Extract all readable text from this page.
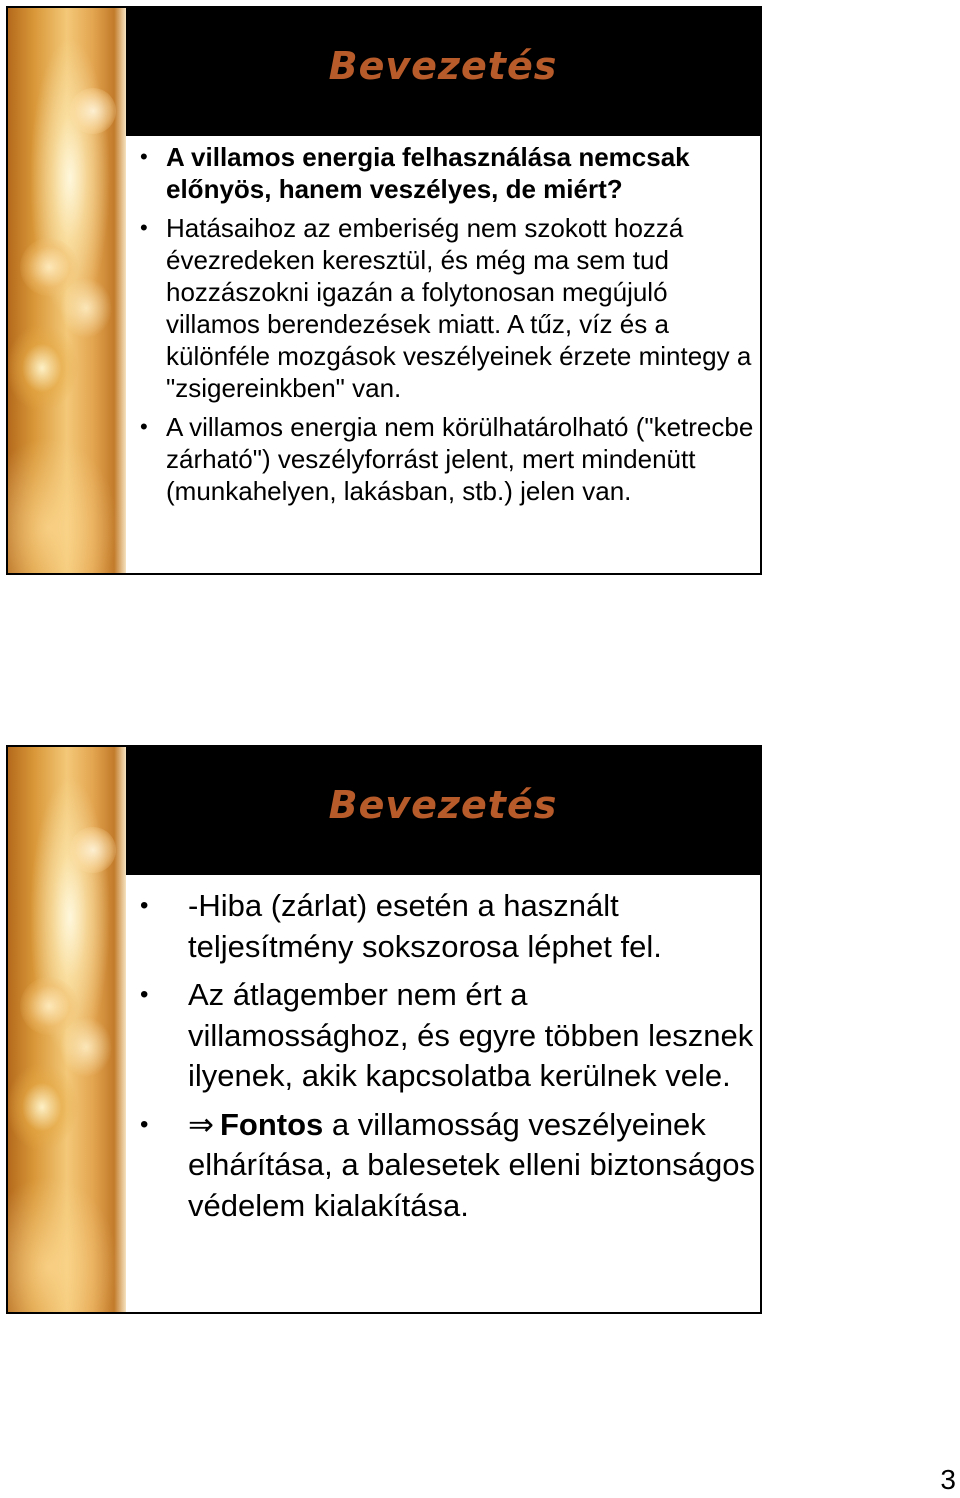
Bevezetés
• A villamos energia felhasználása nemcsak előnyös, hanem veszélyes, de miért?
• Hatásaihoz az emberiség nem szokott hozzá évezredeken keresztül, és még ma sem tud hozzászokni igazán a folytonosan megújuló villamos berendezések miatt. A tűz, víz és a különféle mozgások veszélyeinek érzete mintegy a "zsigereinkben" van.
• A villamos energia nem körülhatárolható ("ketrecbe zárható") veszélyforrást jelent, mert mindenütt (munkahelyen, lakásban, stb.) jelen van.
Bevezetés
• -Hiba (zárlat) esetén a használt teljesítmény sokszorosa léphet fel.
• Az átlagember nem ért a villamossághoz, és egyre többen lesznek ilyenek, akik kapcsolatba kerülnek vele.
• ⇒ Fontos a villamosság veszélyeinek elhárítása, a balesetek elleni biztonságos védelem kialakítása.
3
